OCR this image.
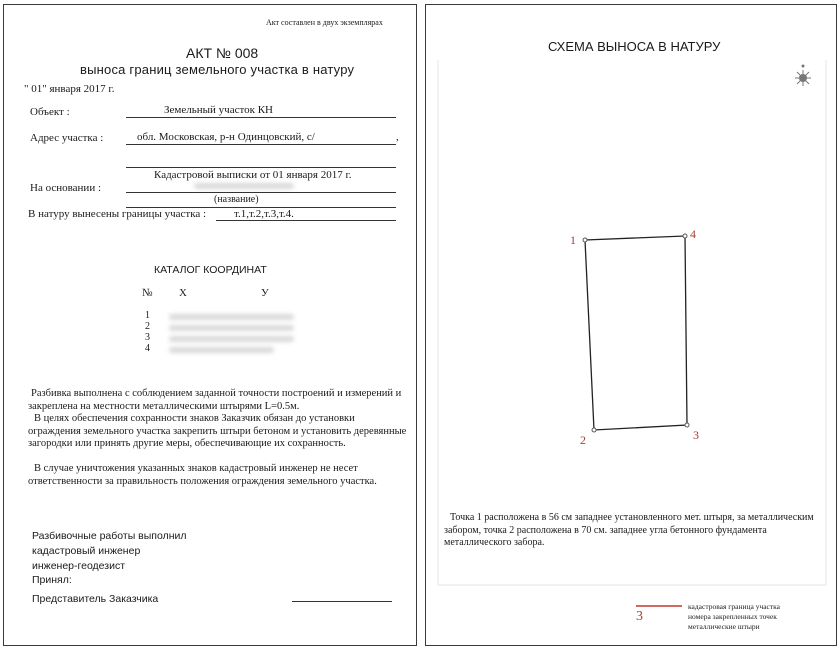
Акт составлен в двух экземплярах
АКТ № 008
выноса границ земельного участка в натуру
" 01" января 2017 г.
Объект :	Земельный участок КН
Адрес участка :	обл. Московская, р-н Одинцовский, с/	,
На основании :
Кадастровой выписки от 01 января 2017 г.
(название)
В натуру вынесены границы участка :	т.1,т.2,т.3,т.4.
КАТАЛОГ КООРДИНАТ
№ X	У
1
2
3
4
Разбивка выполнена с соблюдением заданной точности построений и измерений и закреплена на местности металлическими штырями L=0.5м.
В целях обеспечения сохранности знаков Заказчик обязан до установки ограждения земельного участка закрепить штыри бетоном и установить деревянные загородки или принять другие меры, обеспечивающие их сохранность.
В случае уничтожения указанных знаков кадастровый инженер не несет ответственности за правильность положения ограждения земельного участка.
Разбивочные работы выполнил
кадастровый инженер
инженер-геодезист
Принял:
Представитель Заказчика
СХЕМА ВЫНОСА В НАТУРУ
1
2	3
4
Точка 1 расположена в 56 см западнее установленного мет. штыря, за металлическим забором, точка 2 расположена в 70 см. западнее угла бетонного фундамента металлического забора.
3
кадастровая граница участка
номера закрепленных точек
металлические штыри
